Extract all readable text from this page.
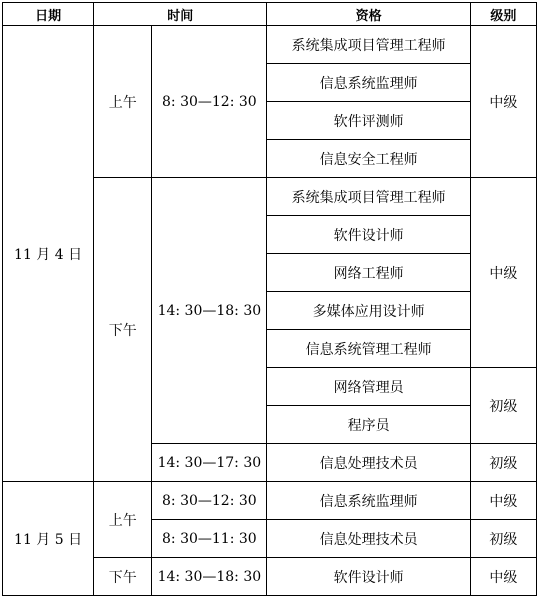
日期	时间		资格	级别
11 月 4 日	上午	8: 30—12: 30	系统集成项目管理工程师	中级
			信息系统监理师	
			软件评测师	
			信息安全工程师	
	下午	14: 30—18: 30	系统集成项目管理工程师	中级
			软件设计师	
			网络工程师	
			多媒体应用设计师	
			信息系统管理工程师	
			网络管理员	初级
			程序员	
		14: 30—17: 30	信息处理技术员	初级
11 月 5 日	上午	8: 30—12: 30	信息系统监理师	中级
		8: 30—11: 30	信息处理技术员	初级
	下午	14: 30—18: 30	软件设计师	中级
